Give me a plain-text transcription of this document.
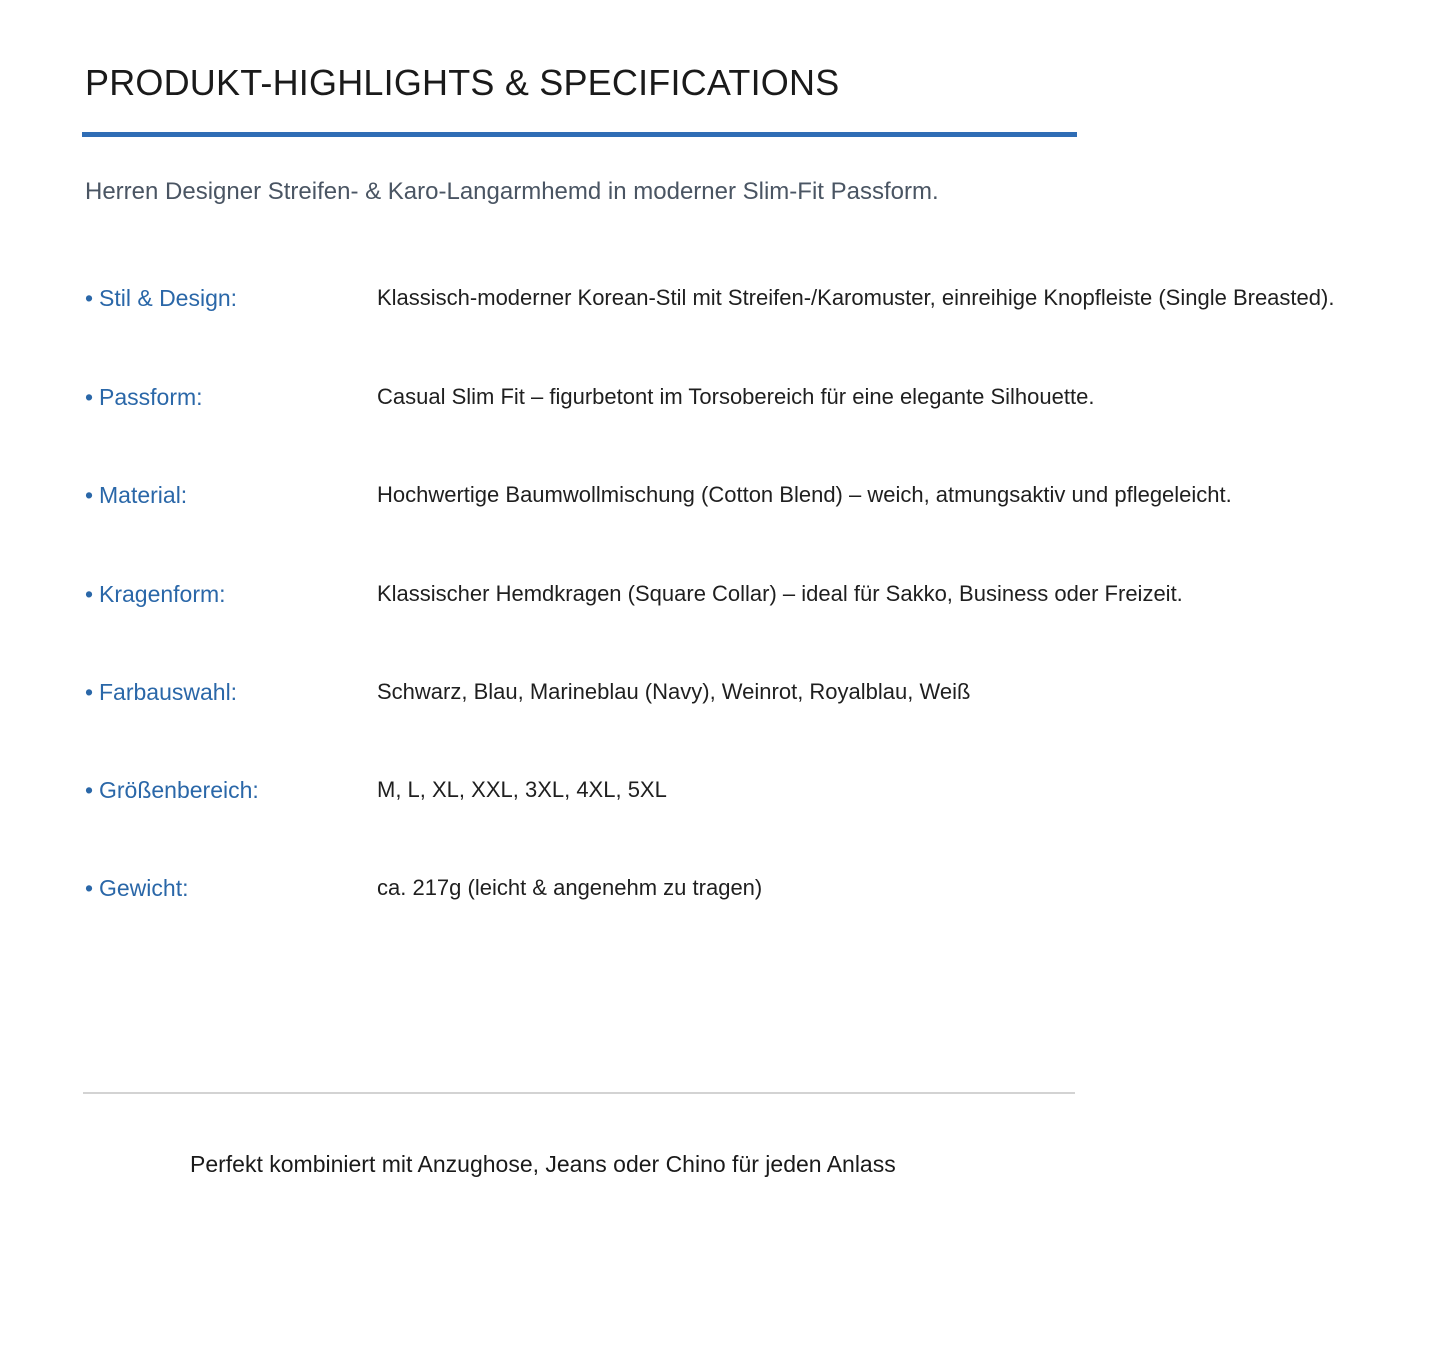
PRODUKT-HIGHLIGHTS & SPECIFICATIONS

Herren Designer Streifen- & Karo-Langarmhemd in moderner Slim-Fit Passform.

• Stil & Design:	Klassisch-moderner Korean-Stil mit Streifen-/Karomuster, einreihige Knopfleiste (Single Breasted).
• Passform:	Casual Slim Fit – figurbetont im Torsobereich für eine elegante Silhouette.
• Material:	Hochwertige Baumwollmischung (Cotton Blend) – weich, atmungsaktiv und pflegeleicht.
• Kragenform:	Klassischer Hemdkragen (Square Collar) – ideal für Sakko, Business oder Freizeit.
• Farbauswahl:	Schwarz, Blau, Marineblau (Navy), Weinrot, Royalblau, Weiß
• Größenbereich:	M, L, XL, XXL, 3XL, 4XL, 5XL
• Gewicht:	ca. 217g (leicht & angenehm zu tragen)

Perfekt kombiniert mit Anzughose, Jeans oder Chino für jeden Anlass
